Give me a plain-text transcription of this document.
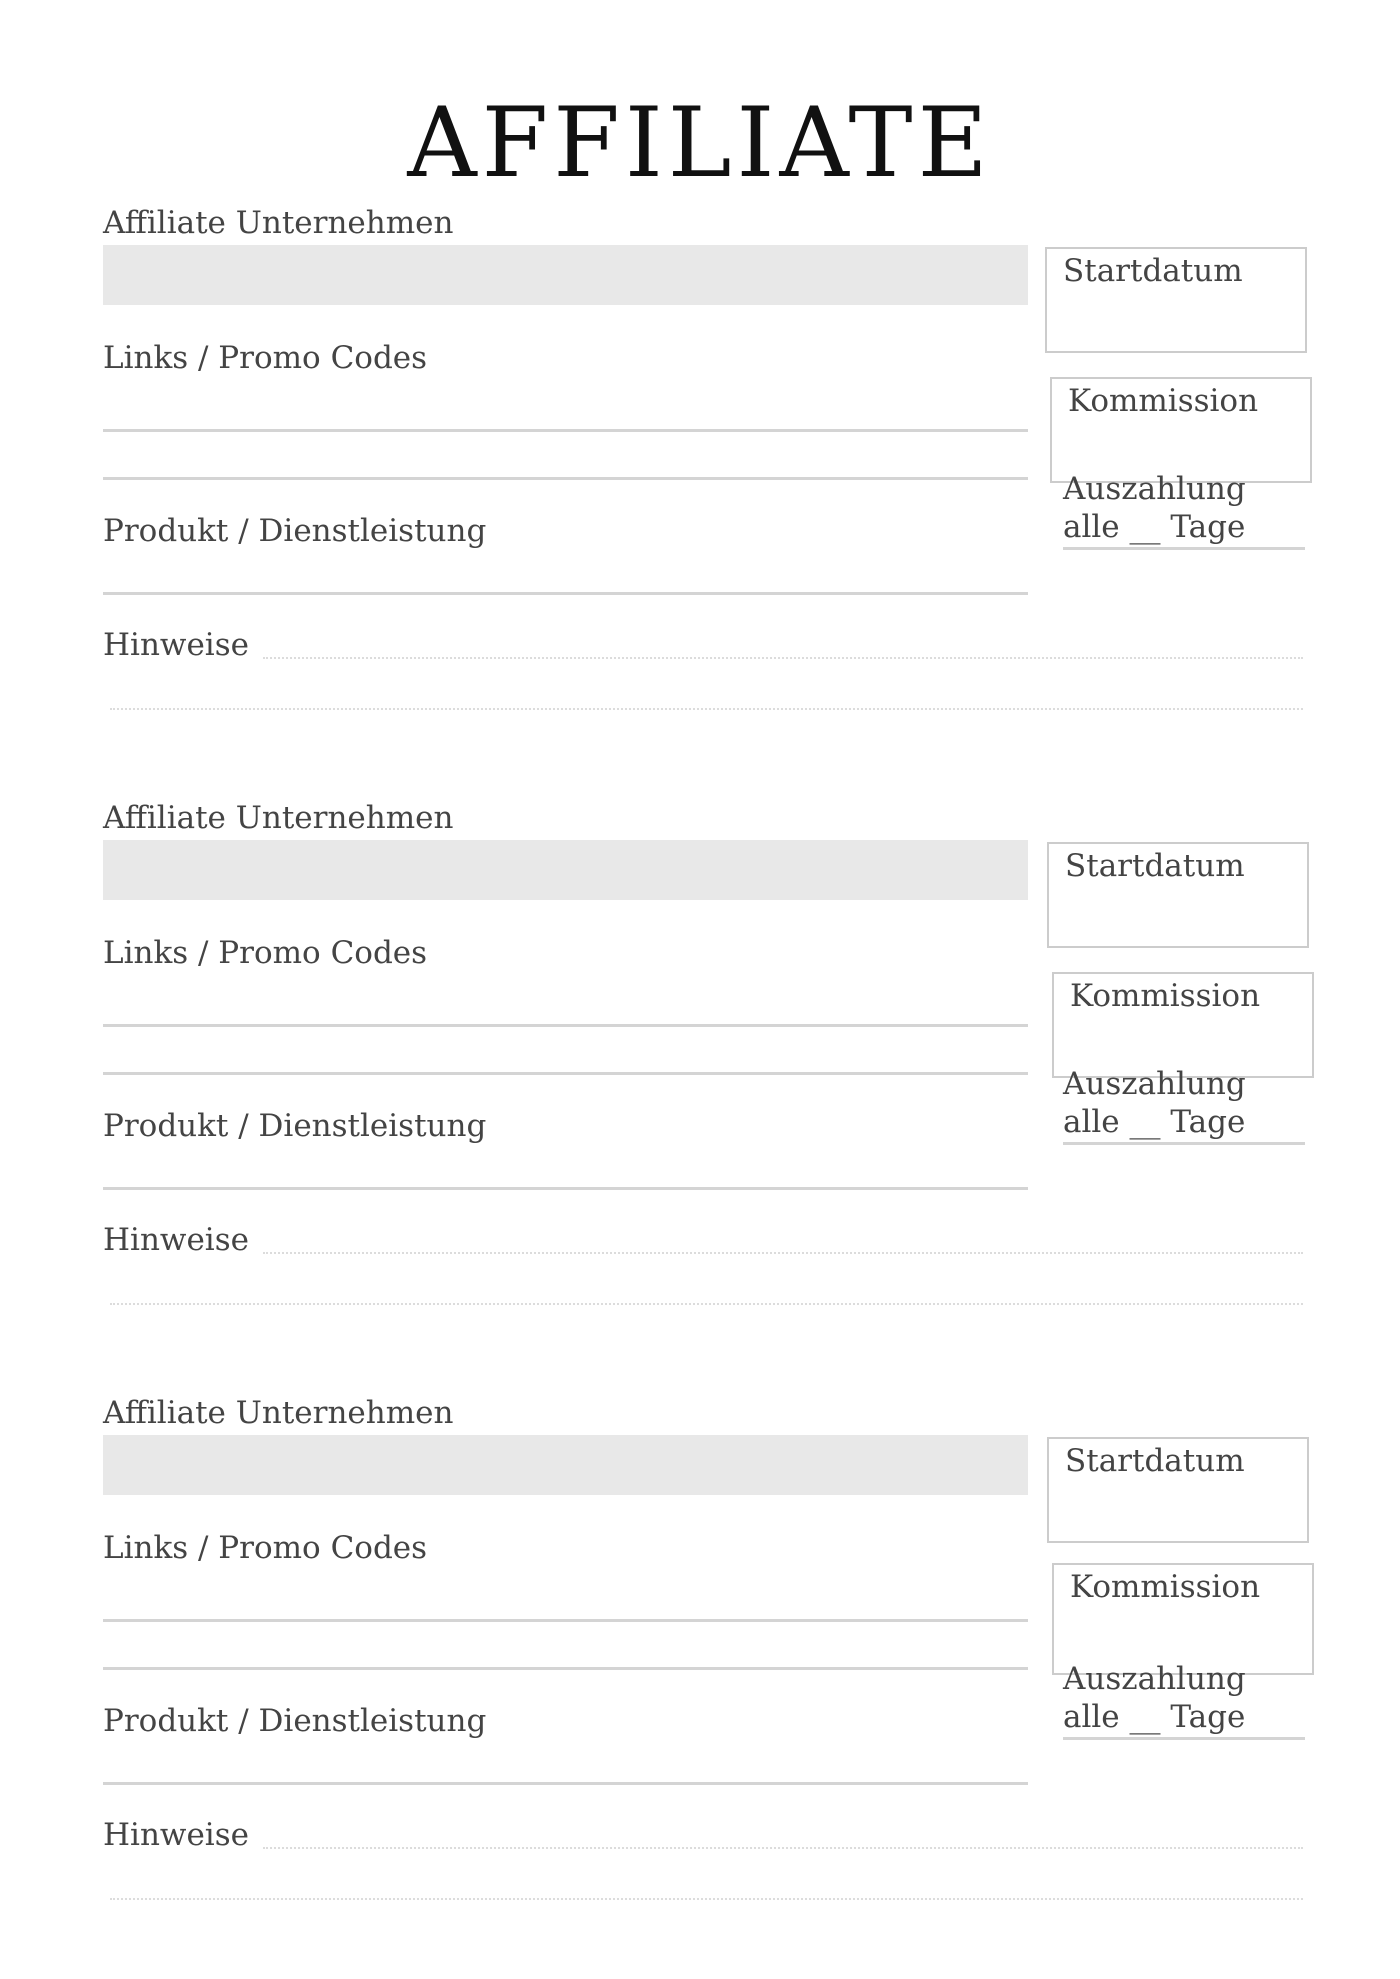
AFFILIATE
Affiliate Unternehmen
Startdatum
Links / Promo Codes
Kommission
Produkt / Dienstleistung
Auszahlung
alle __ Tage
Hinweise
Affiliate Unternehmen
Startdatum
Links / Promo Codes
Kommission
Produkt / Dienstleistung
Auszahlung
alle __ Tage
Hinweise
Affiliate Unternehmen
Startdatum
Links / Promo Codes
Kommission
Produkt / Dienstleistung
Auszahlung
alle __ Tage
Hinweise
